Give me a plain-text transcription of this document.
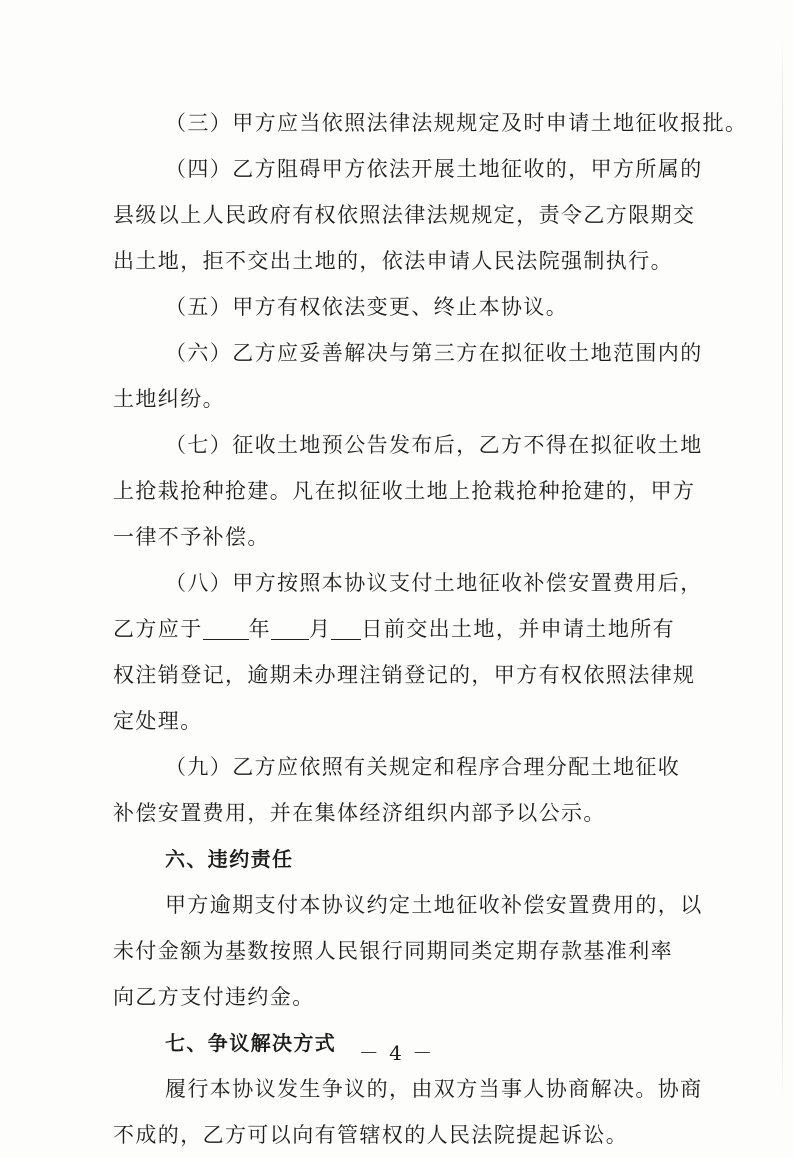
（三）甲方应当依照法律法规规定及时申请土地征收报批。
（四）乙方阻碍甲方依法开展土地征收的，甲方所属的
县级以上人民政府有权依照法律法规规定，责令乙方限期交
出土地，拒不交出土地的，依法申请人民法院强制执行。
（五）甲方有权依法变更、终止本协议。
（六）乙方应妥善解决与第三方在拟征收土地范围内的
土地纠纷。
（七）征收土地预公告发布后，乙方不得在拟征收土地
上抢栽抢种抢建。凡在拟征收土地上抢栽抢种抢建的，甲方
一律不予补偿。
（八）甲方按照本协议支付土地征收补偿安置费用后，
乙方应于 年 月 日前交出土地，并申请土地所有
权注销登记，逾期未办理注销登记的，甲方有权依照法律规
定处理。
（九）乙方应依照有关规定和程序合理分配土地征收
补偿安置费用，并在集体经济组织内部予以公示。
六、违约责任
甲方逾期支付本协议约定土地征收补偿安置费用的，以
未付金额为基数按照人民银行同期同类定期存款基准利率
向乙方支付违约金。
七、争议解决方式
履行本协议发生争议的，由双方当事人协商解决。协商
不成的，乙方可以向有管辖权的人民法院提起诉讼。
－ 4 －
